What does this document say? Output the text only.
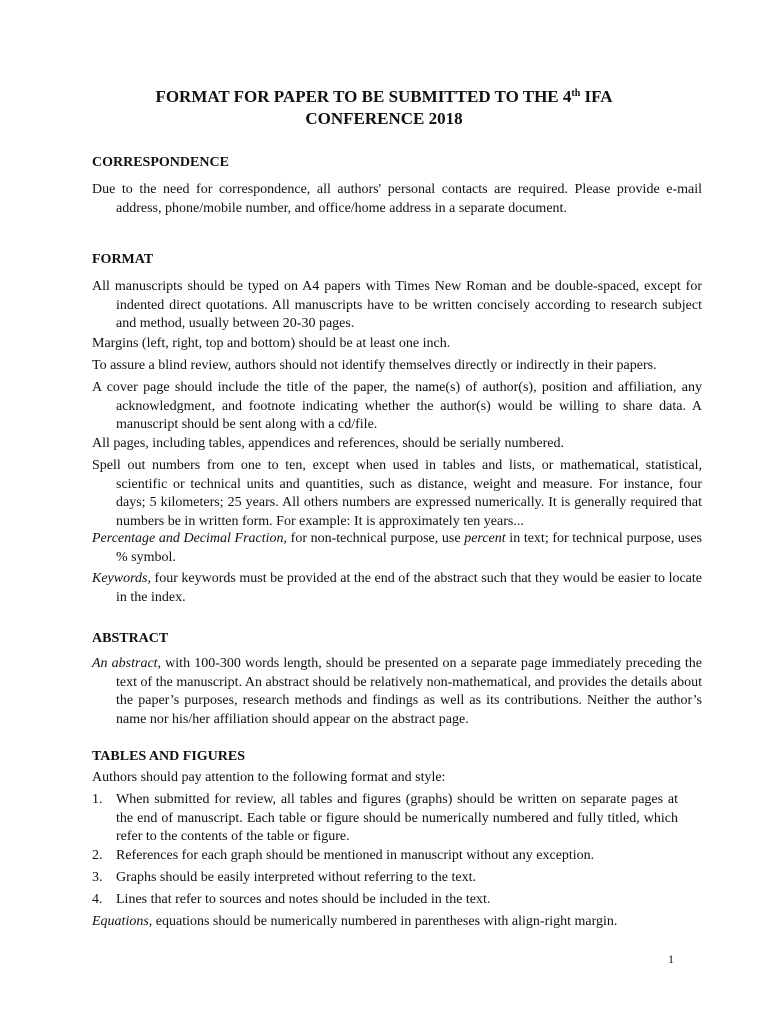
FORMAT FOR PAPER TO BE SUBMITTED TO THE 4th IFA
CONFERENCE 2018
CORRESPONDENCE
Due to the need for correspondence, all authors' personal contacts are required. Please provide e-mail address, phone/mobile number, and office/home address in a separate document.
FORMAT
All manuscripts should be typed on A4 papers with Times New Roman and be double-spaced, except for indented direct quotations. All manuscripts have to be written concisely according to research subject and method, usually between 20-30 pages.
Margins (left, right, top and bottom) should be at least one inch.
To assure a blind review, authors should not identify themselves directly or indirectly in their papers.
A cover page should include the title of the paper, the name(s) of author(s), position and affiliation, any acknowledgment, and footnote indicating whether the author(s) would be willing to share data. A manuscript should be sent along with a cd/file.
All pages, including tables, appendices and references, should be serially numbered.
Spell out numbers from one to ten, except when used in tables and lists, or mathematical, statistical, scientific or technical units and quantities, such as distance, weight and measure. For instance, four days; 5 kilometers; 25 years. All others numbers are expressed numerically. It is generally required that numbers be in written form. For example: It is approximately ten years...
Percentage and Decimal Fraction, for non-technical purpose, use percent in text; for technical purpose, uses % symbol.
Keywords, four keywords must be provided at the end of the abstract such that they would be easier to locate in the index.
ABSTRACT
An abstract, with 100-300 words length, should be presented on a separate page immediately preceding the text of the manuscript. An abstract should be relatively non-mathematical, and provides the details about the paper’s purposes, research methods and findings as well as its contributions. Neither the author’s name nor his/her affiliation should appear on the abstract page.
TABLES AND FIGURES
Authors should pay attention to the following format and style:
1. When submitted for review, all tables and figures (graphs) should be written on separate pages at the end of manuscript. Each table or figure should be numerically numbered and fully titled, which refer to the contents of the table or figure.
2. References for each graph should be mentioned in manuscript without any exception.
3. Graphs should be easily interpreted without referring to the text.
4. Lines that refer to sources and notes should be included in the text.
Equations, equations should be numerically numbered in parentheses with align-right margin.
1
